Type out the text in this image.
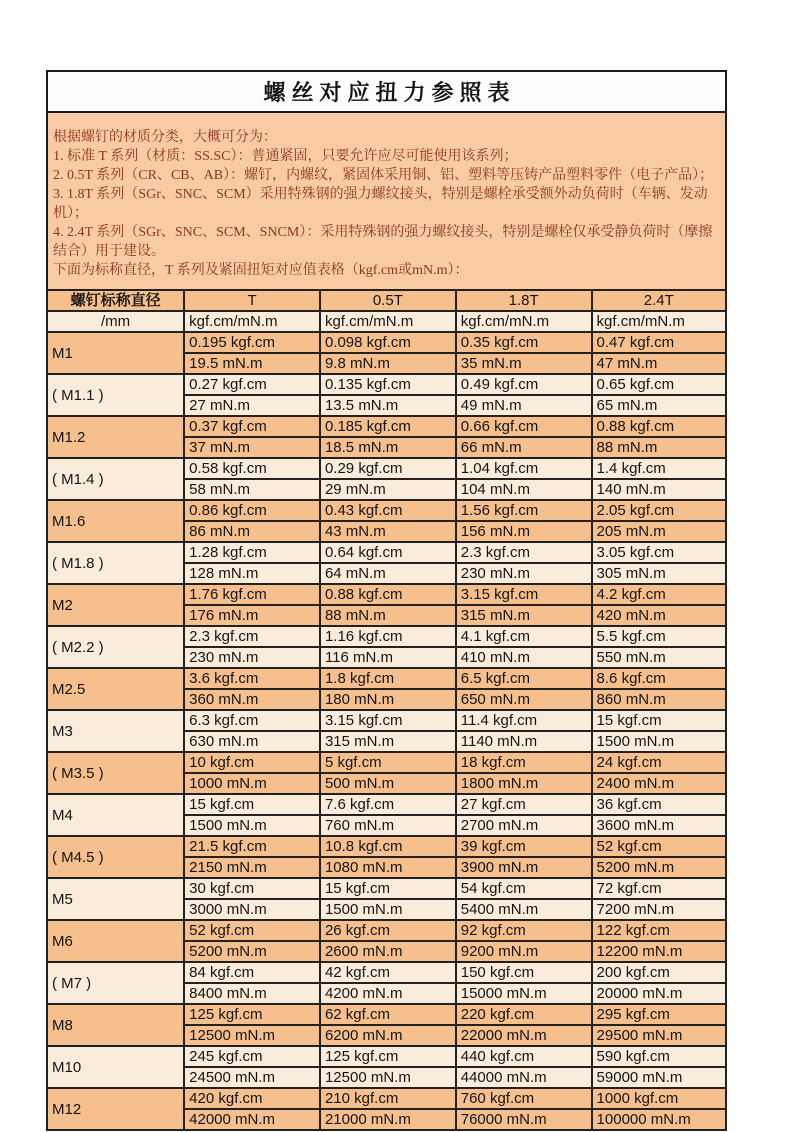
螺丝对应扭力参照表

根据螺钉的材质分类，大概可分为：

1. 标准 T 系列（材质：SS.SC）：普通紧固，只要允许应尽可能使用该系列；

2. 0.5T 系列（CR、CB、AB）：螺钉，内螺纹，紧固体采用铜、铝、塑料等压铸产品塑料零件（电子产品）；

3. 1.8T 系列（SGr、SNC、SCM）采用特殊钢的强力螺纹接头，特别是螺栓承受额外动负荷时（车辆、发动机）；

4. 2.4T 系列（SGr、SNC、SCM、SNCM）：采用特殊钢的强力螺纹接头，特别是螺栓仅承受静负荷时（摩擦结合）用于建设。

下面为标称直径，T 系列及紧固扭矩对应值表格（kgf.cm或mN.m）：

螺钉标称直径	T	0.5T	1.8T	2.4T
/mm	kgf.cm/mN.m	kgf.cm/mN.m	kgf.cm/mN.m	kgf.cm/mN.m
M1	0.195 kgf.cm	0.098 kgf.cm	0.35 kgf.cm	0.47 kgf.cm
	19.5 mN.m	9.8 mN.m	35 mN.m	47 mN.m
( M1.1 )	0.27 kgf.cm	0.135 kgf.cm	0.49 kgf.cm	0.65 kgf.cm
	27 mN.m	13.5 mN.m	49 mN.m	65 mN.m
M1.2	0.37 kgf.cm	0.185 kgf.cm	0.66 kgf.cm	0.88 kgf.cm
	37 mN.m	18.5 mN.m	66 mN.m	88 mN.m
( M1.4 )	0.58 kgf.cm	0.29 kgf.cm	1.04 kgf.cm	1.4 kgf.cm
	58 mN.m	29 mN.m	104 mN.m	140 mN.m
M1.6	0.86 kgf.cm	0.43 kgf.cm	1.56 kgf.cm	2.05 kgf.cm
	86 mN.m	43 mN.m	156 mN.m	205 mN.m
( M1.8 )	1.28 kgf.cm	0.64 kgf.cm	2.3 kgf.cm	3.05 kgf.cm
	128 mN.m	64 mN.m	230 mN.m	305 mN.m
M2	1.76 kgf.cm	0.88 kgf.cm	3.15 kgf.cm	4.2 kgf.cm
	176 mN.m	88 mN.m	315 mN.m	420 mN.m
( M2.2 )	2.3 kgf.cm	1.16 kgf.cm	4.1 kgf.cm	5.5 kgf.cm
	230 mN.m	116 mN.m	410 mN.m	550 mN.m
M2.5	3.6 kgf.cm	1.8 kgf.cm	6.5 kgf.cm	8.6 kgf.cm
	360 mN.m	180 mN.m	650 mN.m	860 mN.m
M3	6.3 kgf.cm	3.15 kgf.cm	11.4 kgf.cm	15 kgf.cm
	630 mN.m	315 mN.m	1140 mN.m	1500 mN.m
( M3.5 )	10 kgf.cm	5 kgf.cm	18 kgf.cm	24 kgf.cm
	1000 mN.m	500 mN.m	1800 mN.m	2400 mN.m
M4	15 kgf.cm	7.6 kgf.cm	27 kgf.cm	36 kgf.cm
	1500 mN.m	760 mN.m	2700 mN.m	3600 mN.m
( M4.5 )	21.5 kgf.cm	10.8 kgf.cm	39 kgf.cm	52 kgf.cm
	2150 mN.m	1080 mN.m	3900 mN.m	5200 mN.m
M5	30 kgf.cm	15 kgf.cm	54 kgf.cm	72 kgf.cm
	3000 mN.m	1500 mN.m	5400 mN.m	7200 mN.m
M6	52 kgf.cm	26 kgf.cm	92 kgf.cm	122 kgf.cm
	5200 mN.m	2600 mN.m	9200 mN.m	12200 mN.m
( M7 )	84 kgf.cm	42 kgf.cm	150 kgf.cm	200 kgf.cm
	8400 mN.m	4200 mN.m	15000 mN.m	20000 mN.m
M8	125 kgf.cm	62 kgf.cm	220 kgf.cm	295 kgf.cm
	12500 mN.m	6200 mN.m	22000 mN.m	29500 mN.m
M10	245 kgf.cm	125 kgf.cm	440 kgf.cm	590 kgf.cm
	24500 mN.m	12500 mN.m	44000 mN.m	59000 mN.m
M12	420 kgf.cm	210 kgf.cm	760 kgf.cm	1000 kgf.cm
	42000 mN.m	21000 mN.m	76000 mN.m	100000 mN.m
